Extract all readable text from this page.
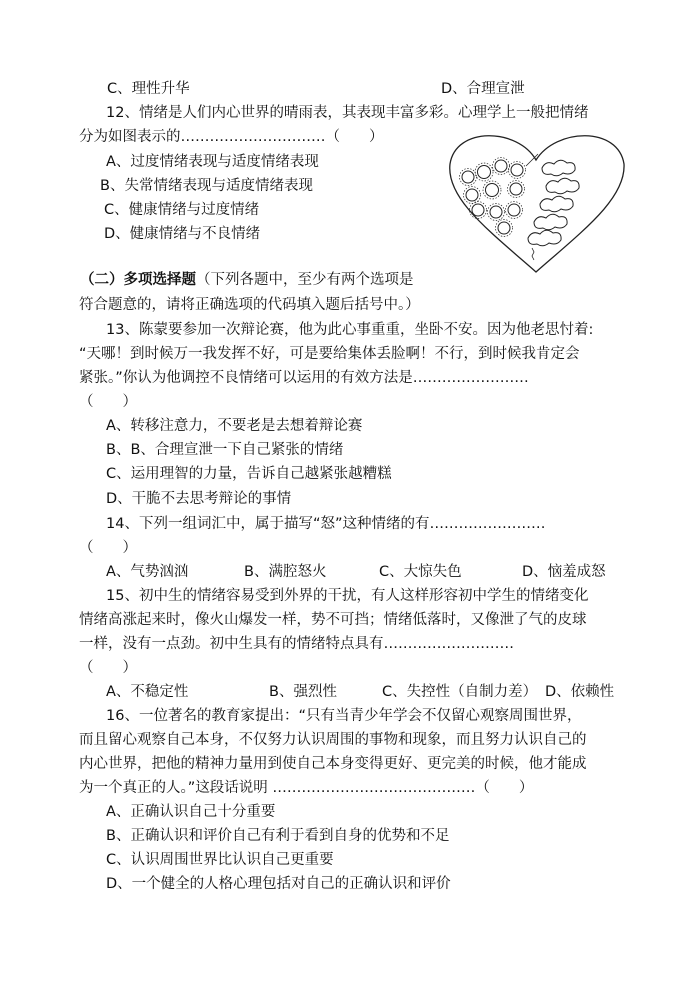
C、理性升华	D、合理宣泄
12、情绪是人们内心世界的晴雨表，其表现丰富多彩。心理学上一般把情绪
分为如图表示的…………………………（　　）
A、过度情绪表现与适度情绪表现
B、失常情绪表现与适度情绪表现
C、健康情绪与过度情绪
D、健康情绪与不良情绪
（二）多项选择题（下列各题中，至少有两个选项是
符合题意的，请将正确选项的代码填入题后括号中。）
13、陈蒙要参加一次辩论赛，他为此心事重重，坐卧不安。因为他老思忖着:
“天哪！到时候万一我发挥不好，可是要给集体丢脸啊！不行，到时候我肯定会
紧张。”你认为他调控不良情绪可以运用的有效方法是……………………
（　　）
A、转移注意力，不要老是去想着辩论赛
B、B、合理宣泄一下自己紧张的情绪
C、运用理智的力量，告诉自己越紧张越糟糕
D、干脆不去思考辩论的事情
14、下列一组词汇中，属于描写“怒”这种情绪的有……………………
（　　）
A、气势汹汹	B、满腔怒火	C、大惊失色	D、恼羞成怒
15、初中生的情绪容易受到外界的干扰，有人这样形容初中学生的情绪变化
情绪高涨起来时，像火山爆发一样，势不可挡；情绪低落时，又像泄了气的皮球
一样，没有一点劲。初中生具有的情绪特点具有………………………
（　　）
A、不稳定性	B、强烈性	C、失控性（自制力差） D、依赖性
16、一位著名的教育家提出：“只有当青少年学会不仅留心观察周围世界，
而且留心观察自己本身，不仅努力认识周围的事物和现象，而且努力认识自己的
内心世界，把他的精神力量用到使自己本身变得更好、更完美的时候，他才能成
为一个真正的人。”这段话说明 ……………………………………（　　）
A、正确认识自己十分重要
B、正确认识和评价自己有利于看到自身的优势和不足
C、认识周围世界比认识自己更重要
D、一个健全的人格心理包括对自己的正确认识和评价
